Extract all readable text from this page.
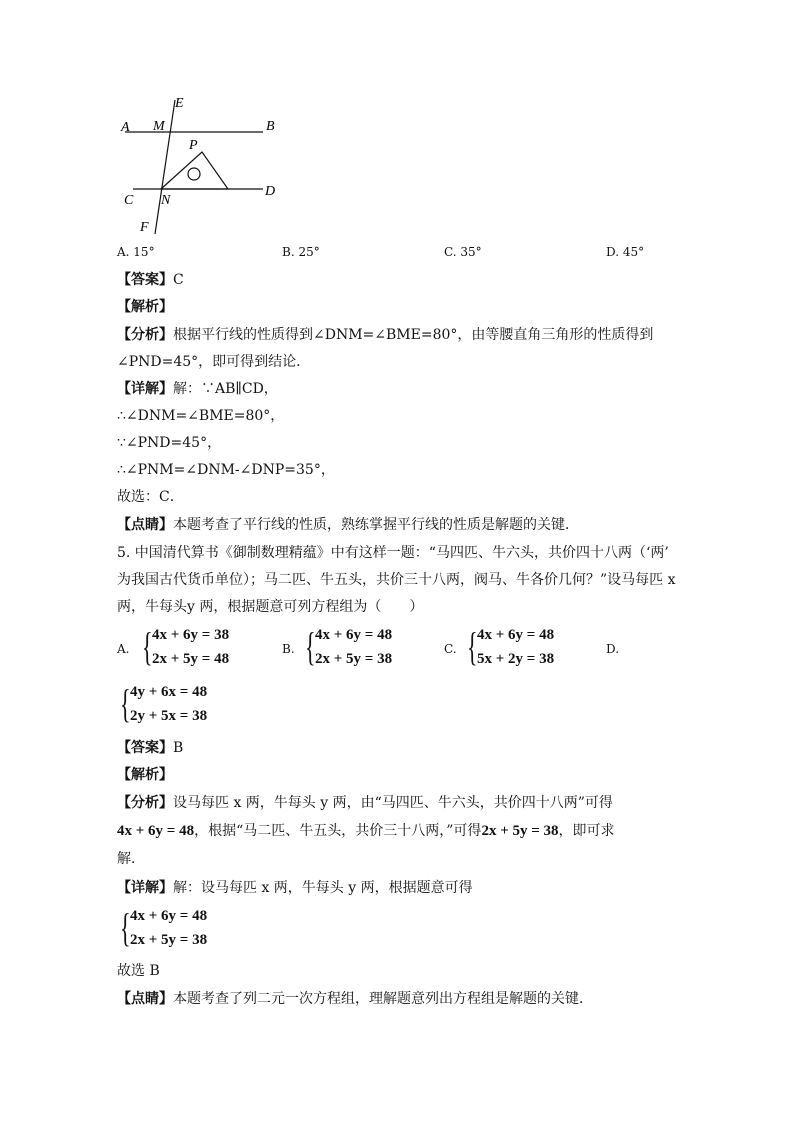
E
A M	B
P
C N
D
F
A. 15°	B. 25°	C. 35°	D. 45°
【答案】C
【解析】
【分析】根据平行线的性质得到∠DNM=∠BME=80°，由等腰直角三角形的性质得到
∠PND=45°，即可得到结论．
【详解】解：∵AB∥CD，
∴∠DNM=∠BME=80°，
∵∠PND=45°，
∴∠PNM=∠DNM-∠DNP=35°，
故选：C．
【点睛】本题考查了平行线的性质，熟练掌握平行线的性质是解题的关键．
5. 中国清代算书《御制数理精蕴》中有这样一题：“马四匹、牛六头，共价四十八两（‘两’
为我国古代货币单位）；马二匹、牛五头，共价三十八两，阀马、牛各价几何？”设马每匹 x
两，牛每头y 两，根据题意可列方程组为（　　）
A. { 4x + 6y = 38
2x + 5y = 48
B. { 4x + 6y = 48
2x + 5y = 38
C. { 4x + 6y = 48
5x + 2y = 38
D.
{ 4y + 6x = 48
2y + 5x = 38
【答案】B
【解析】
【分析】设马每匹 x 两，牛每头 y 两，由“马四匹、牛六头，共价四十八两”可得
4x + 6y = 48，根据“马二匹、牛五头，共价三十八两，”可得2x + 5y = 38，即可求
解．
【详解】解：设马每匹 x 两，牛每头 y 两，根据题意可得
{ 4x + 6y = 48
2x + 5y = 38
故选 B
【点睛】本题考查了列二元一次方程组，理解题意列出方程组是解题的关键．
